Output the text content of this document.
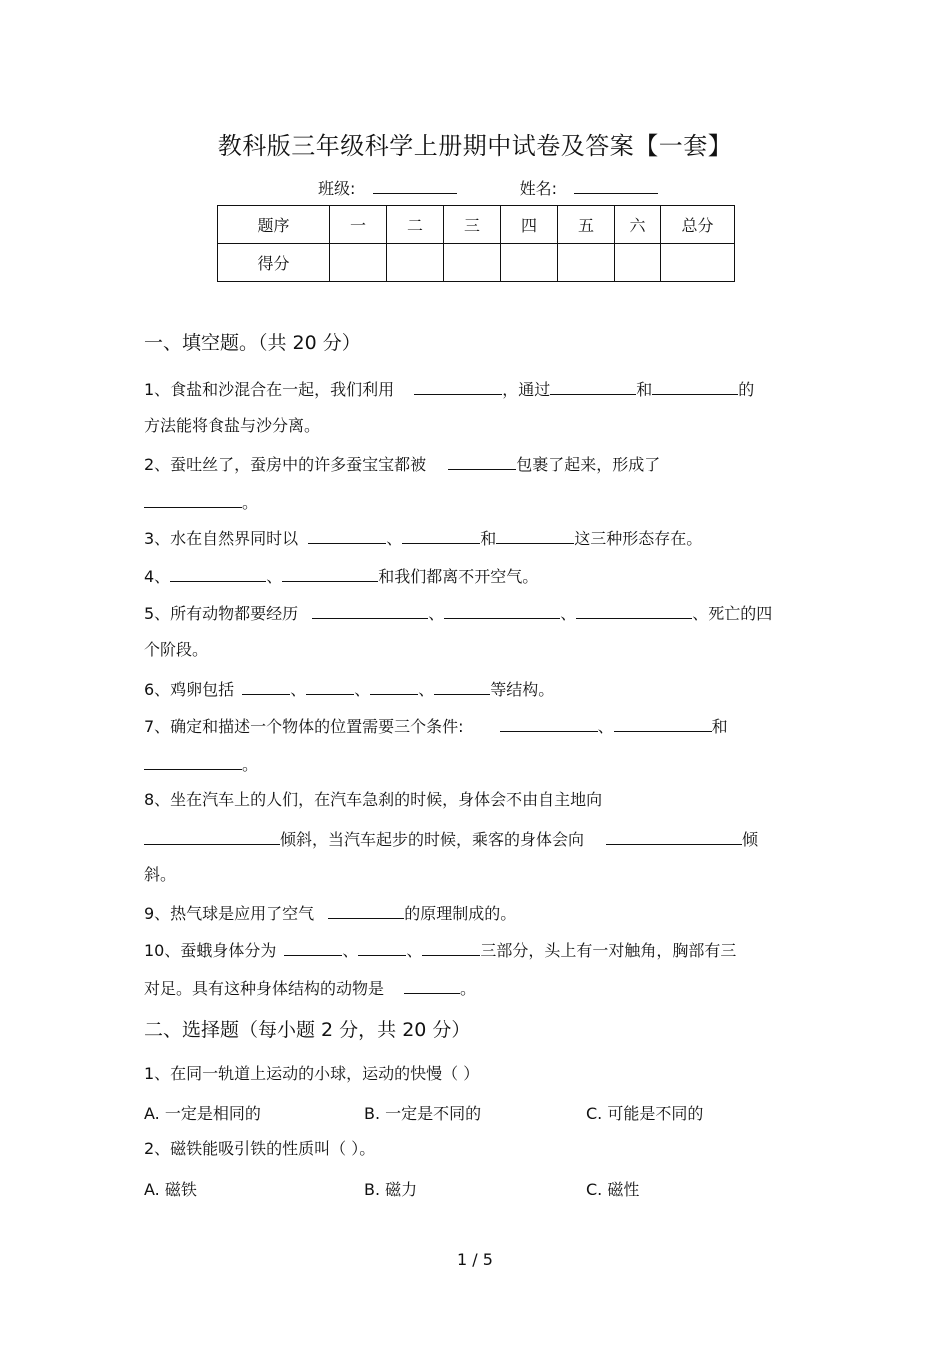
教科版三年级科学上册期中试卷及答案【一套】
班级:	姓名:
题序	一	二	三	四	五	六	总分
得分							
一、填空题。（共 20 分）
1、食盐和沙混合在一起，我们利用	，通过	和	的
方法能将食盐与沙分离。
2、蚕吐丝了，蚕房中的许多蚕宝宝都被	包裹了起来，形成了
。
3、水在自然界同时以	、	和	这三种形态存在。
4、	、	和我们都离不开空气。
5、所有动物都要经历	、	、	、死亡的四
个阶段。
6、鸡卵包括	、	、	、	等结构。
7、确定和描述一个物体的位置需要三个条件:	、	和
。
8、坐在汽车上的人们，在汽车急刹的时候，身体会不由自主地向
倾斜，当汽车起步的时候，乘客的身体会向	倾
斜。
9、热气球是应用了空气	的原理制成的。
10、蚕蛾身体分为	、	、	三部分，头上有一对触角，胸部有三
对足。具有这种身体结构的动物是	。
二、选择题（每小题 2 分，共 20 分）
1、在同一轨道上运动的小球，运动的快慢（ ）
A. 一定是相同的	B. 一定是不同的	C. 可能是不同的
2、磁铁能吸引铁的性质叫（ ）。
A. 磁铁	B. 磁力	C. 磁性
1 / 5
